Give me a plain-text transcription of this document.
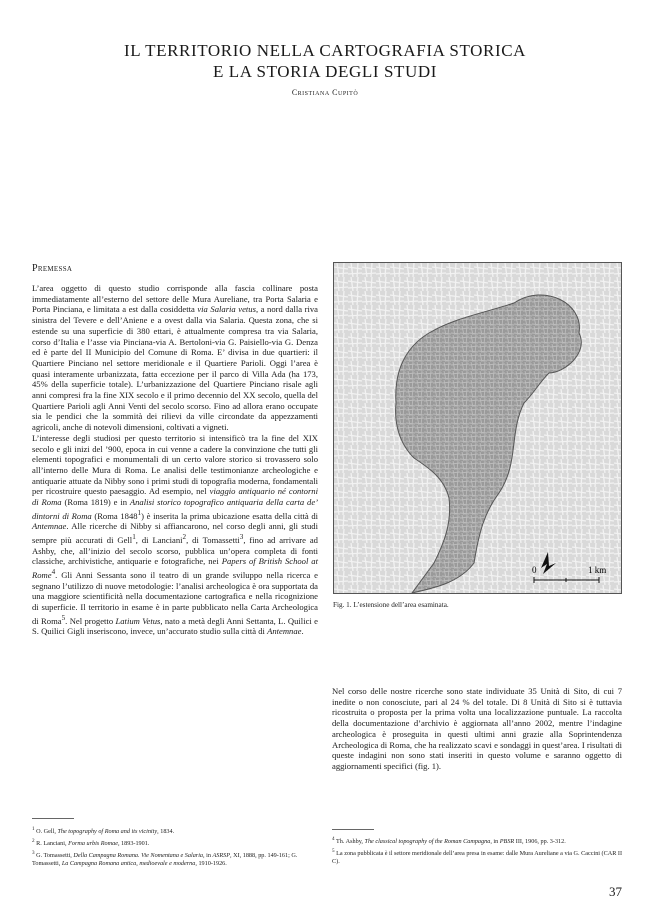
IL TERRITORIO NELLA CARTOGRAFIA STORICA
E LA STORIA DEGLI STUDI
Cristiana Cupitò
Premessa

L’area oggetto di questo studio corrisponde alla fascia collinare posta immediatamente all’esterno del settore delle Mura Aureliane, tra Porta Salaria e Porta Pinciana, e limitata a est dalla cosiddetta via Salaria vetus, a nord dalla riva sinistra del Tevere e dell’Aniene e a ovest dalla via Salaria. Questa zona, che si estende su una superficie di 380 ettari, è attualmente compresa tra via Salaria, corso d’Italia e l’asse via Pinciana-via A. Bertoloni-via G. Paisiello-via G. Denza ed è parte del II Municipio del Comune di Roma. E’ divisa in due quartieri: il Quartiere Pinciano nel settore meridionale e il Quartiere Parioli. Oggi l’area è quasi interamente urbanizzata, fatta eccezione per il parco di Villa Ada (ha 173, 45% della superficie totale). L’urbanizzazione del Quartiere Pinciano risale agli anni compresi fra la fine XIX secolo e il primo decennio del XX secolo, quella del Quartiere Parioli agli Anni Venti del secolo scorso. Fino ad allora erano occupate sia le pendici che la sommità dei rilievi da ville circondate da appezzamenti agricoli, anche di notevoli dimensioni, coltivati a vigneti.

L’interesse degli studiosi per questo territorio si intensificò tra la fine del XIX secolo e gli inizi del ’900, epoca in cui venne a cadere la convinzione che tutti gli elementi topografici e monumentali di un certo valore storico si trovassero solo all’interno delle Mura di Roma. Le analisi delle testimonianze archeologiche e antiquarie attuate da Nibby sono i primi studi di topografia moderna, fondamentali per ricostruire questo paesaggio. Ad esempio, nel viaggio antiquario né contorni di Roma (Roma 1819) e in Analisi storico topografico antiquaria della carta de’ dintorni di Roma (Roma 1848$^1$) è inserita la prima ubicazione esatta della città di Antemnae. Alle ricerche di Nibby si affiancarono, nel corso degli anni, gli studi sempre più accurati di Gell$^1$, di Lanciani$^2$, di Tomassetti$^3$, fino ad arrivare ad Ashby, che, all’inizio del secolo scorso, pubblica un’opera completa di fonti classiche, archivistiche, antiquarie e fotografiche, nei Papers of British School at Rome$^4$. Gli Anni Sessanta sono il teatro di un grande sviluppo nella ricerca e segnano l’utilizzo di nuove metodologie: l’analisi archeologica è ora supportata da una maggiore scientificità nella documentazione cartografica e nella ricognizione di superficie. Il territorio in esame è in parte pubblicato nella Carta Archeologica di Roma$^5$. Nel progetto Latium Vetus, nato a metà degli Anni Settanta, L. Quilici e S. Quilici Gigli inseriscono, invece, un’accurato studio sulla città di Antemnae.

0	1 km
Fig. 1. L’estensione dell’area esaminata.

Nel corso delle nostre ricerche sono state individuate 35 Unità di Sito, di cui 7 inedite o non conosciute, pari al 24 % del totale. Di 8 Unità di Sito si è tuttavia ricostruita o proposta per la prima volta una localizzazione puntuale. La raccolta della documentazione d’archivio è aggiornata all’anno 2002, mentre l’indagine archeologica è proseguita in questi ultimi anni grazie alla Soprintendenza Archeologica di Roma, che ha realizzato scavi e sondaggi in quest’area. I risultati di queste indagini non sono stati inseriti in questo volume e saranno oggetto di aggiornamenti specifici (fig. 1).

$^1$ O. Gell, The topography of Roma and its vicinity, 1834.

$^2$ R. Lanciani, Forma urbis Romae, 1893-1901.

$^3$ G. Tomassetti, Della Campagna Romana. Vie Nomentana e Salaria, in ASRSP, XI, 1888, pp. 149-161; G. Tomassetti, La Campagna Romana antica, medioevale e moderna, 1910-1926.

$^4$ Th. Ashby, The classical topography of the Roman Campagna, in PBSR III, 1906, pp. 3-312.

$^5$ La zona pubblicata è il settore meridionale dell’area presa in esame: dalle Mura Aureliane a via G. Caccini (CAR II C).

37
